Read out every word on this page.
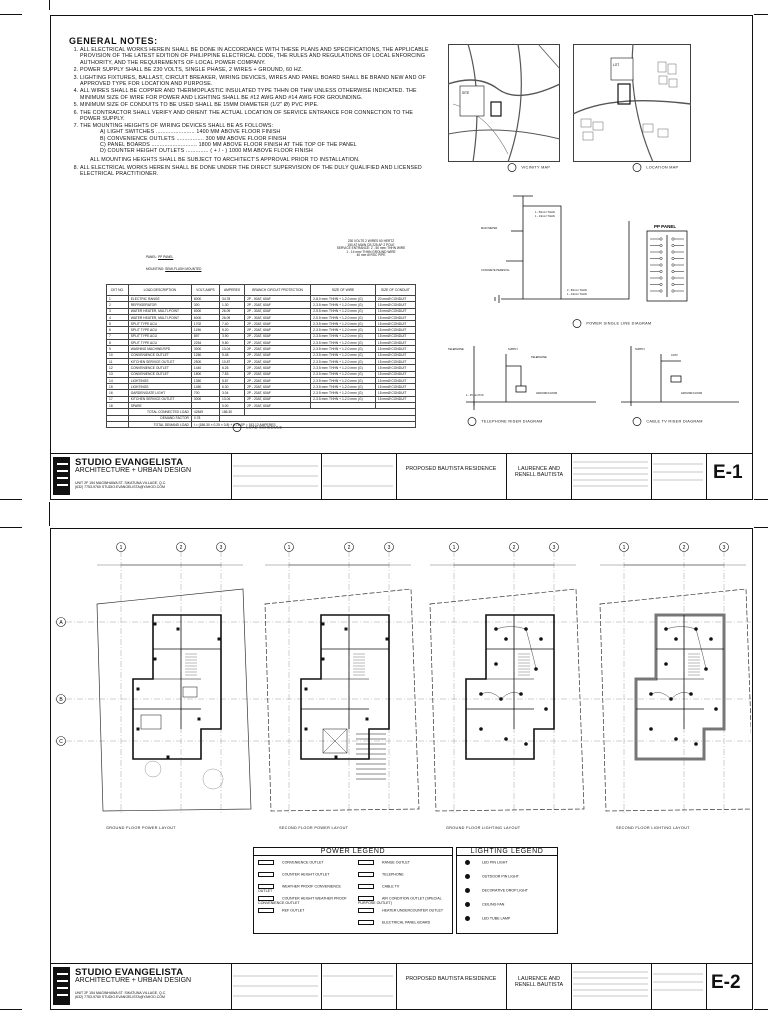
GENERAL NOTES:
1. ALL ELECTRICAL WORKS HEREIN SHALL BE DONE IN ACCORDANCE WITH THESE PLANS AND SPECIFICATIONS, THE APPLICABLE PROVISION OF THE LATEST EDITION OF PHILIPPINE ELECTRICAL CODE, THE RULES AND REGULATIONS OF LOCAL ENFORCING AUTHORITY, AND THE REQUIREMENTS OF LOCAL POWER COMPANY.
2. POWER SUPPLY SHALL BE 230 VOLTS, SINGLE PHASE, 2 WIRES + GROUND, 60 HZ.
3. LIGHTING FIXTURES, BALLAST, CIRCUIT BREAKER, WIRING DEVICES, WIRES AND PANEL BOARD SHALL BE BRAND NEW AND OF APPROVED TYPE FOR LOCATION AND PURPOSE.
4. ALL WIRES SHALL BE COPPER AND THERMOPLASTIC INSULATED TYPE THHN OR THW UNLESS OTHERWISE INDICATED. THE MINIMUM SIZE OF WIRE FOR POWER AND LIGHTING SHALL BE #12 AWG AND #14 AWG FOR GROUNDING.
5. MINIMUM SIZE OF CONDUITS TO BE USED SHALL BE 15MM DIAMETER (1/2" Ø) PVC PIPE.
6. THE CONTRACTOR SHALL VERIFY AND ORIENT THE ACTUAL LOCATION OF SERVICE ENTRANCE FOR CONNECTION TO THE POWER SUPPLY.
7. THE MOUNTING HEIGHTS OF WIRING DEVICES SHALL BE AS FOLLOWS:
A) LIGHT SWITCHES ........................ 1400 MM ABOVE FLOOR FINISH
B) CONVENIENCE OUTLETS ................. 300 MM ABOVE FLOOR FINISH
C) PANEL BOARDS ............................ 1800 MM ABOVE FLOOR FINISH AT THE TOP OF THE PANEL
D) COUNTER HEIGHT OUTLETS .............. ( + / - ) 1000 MM ABOVE FLOOR FINISH
ALL MOUNTING HEIGHTS SHALL BE SUBJECT TO ARCHITECT'S APPROVAL PRIOR TO INSTALLATION.
8. ALL ELECTRICAL WORKS HEREIN SHALL BE DONE UNDER THE DIRECT SUPERVISION OF THE DULY QUALIFIED AND LICENSED ELECTRICAL PRACTITIONER.
PANEL: PP PANEL
MOUNTING: SEMI-FLUSH MOUNTED
230 VOLTS 2 WIRES 60 HERTZ
150 AT MAIN CB 225 AF 2 POLE
SERVICE ENTRANCE: 2 - 50 mm² THHN WIRE
1 - 14 mm² THHN GROUND WIRE
40 mm Ø RSC PIPE
CKT NO.	LOAD DESCRIPTION	VOLT-AMPS	AMPERES	BRANCH CIRCUIT PROTECTION	SIZE OF WIRE	SIZE OF CONDUIT
1	ELECTRIC RANGE	8000	34.78	2P - 50AT, 60AF	2-8.0 mm² THHN + 1-2.0 mm² (G)	20 mmØ CONDUIT
2	REFRIGERATOR	300	1.30	2P - 20AT, 60AF	2-3.5 mm² THHN + 1-2.0 mm² (G)	15 mmØ CONDUIT
3	WATER HEATER, MULTI-POINT	6000	26.09	2P - 30AT, 60AF	2-5.5 mm² THHN + 1-2.0 mm² (G)	15 mmØ CONDUIT
4	WATER HEATER, MULTI-POINT	6000	26.09	2P - 30AT, 60AF	2-5.5 mm² THHN + 1-2.0 mm² (G)	15 mmØ CONDUIT
5	SPLIT TYPE ACU	1702	7.40	2P - 20AT, 60AF	2-3.5 mm² THHN + 1-2.0 mm² (G)	15 mmØ CONDUIT
6	SPLIT TYPE ACU	1196	5.20	2P - 20AT, 60AF	2-3.5 mm² THHN + 1-2.0 mm² (G)	15 mmØ CONDUIT
7	SPLIT TYPE ACU	897	3.90	2P - 20AT, 60AF	2-3.5 mm² THHN + 1-2.0 mm² (G)	15 mmØ CONDUIT
8	SPLIT TYPE ACU	2254	9.80	2P - 20AT, 60AF	2-3.5 mm² THHN + 1-2.0 mm² (G)	15 mmØ CONDUIT
9	WASHING MACHINE/SPD	3000	13.04	2P - 20AT, 60AF	2-3.5 mm² THHN + 1-2.0 mm² (G)	15 mmØ CONDUIT
10	CONVENIENCE OUTLET	1260	5.48	2P - 20AT, 60AF	2-3.5 mm² THHN + 1-2.0 mm² (G)	15 mmØ CONDUIT
11	KITCHEN SERVICE OUTLET	2500	10.87	2P - 20AT, 60AF	2-3.5 mm² THHN + 1-2.0 mm² (G)	15 mmØ CONDUIT
12	CONVENIENCE OUTLET	1440	6.26	2P - 20AT, 60AF	2-3.5 mm² THHN + 1-2.0 mm² (G)	15 mmØ CONDUIT
13	CONVENIENCE OUTLET	1800	7.83	2P - 20AT, 60AF	2-3.5 mm² THHN + 1-2.0 mm² (G)	15 mmØ CONDUIT
14	LIGHTINGS	1350	5.87	2P - 20AT, 60AF	2-3.5 mm² THHN + 1-2.0 mm² (G)	15 mmØ CONDUIT
15	LIGHTINGS	1450	6.30	2P - 20AT, 60AF	2-3.5 mm² THHN + 1-2.0 mm² (G)	15 mmØ CONDUIT
16	GARDEN/GATE LIGHT	700	3.04	2P - 20AT, 60AF	2-3.5 mm² THHN + 1-2.0 mm² (G)	15 mmØ CONDUIT
17	KITCHEN SERVICE OUTLET	3000	13.04	2P - 20AT, 60AF	2-3.5 mm² THHN + 1-2.0 mm² (G)	15 mmØ CONDUIT
18	SPARE		0.00	2P - 20AT, 60AF		
	TOTAL CONNECTED LOAD	42849	186.30			
	DEMAND FACTOR	0.78				
	TOTAL DEMAND LOAD	I = (186.30 × 0.25 × 0.8) + 0.78 SP = 153.12 AMPERES				
LOAD SCHEDULE
SITE
VICINITY MAP
LOT
LOCATION MAP
PP PANEL
1 - 50mm² THHN
1 - 14mm² THHN
2 - 50mm² THHN
1 - 14mm² THHN
CONCRETE PEDESTAL
MAIN METER
POWER SINGLE LINE DIAGRAM
TELEPHONE	SUPPLY
TELEPHONE
1 - 15 mm PVC
GROUND FLOOR
TELEPHONE RISER DIAGRAM
SUPPLY
CATV
GROUND FLOOR
CABLE TV RISER DIAGRAM
STUDIO EVANGELISTA
ARCHITECTURE + URBAN DESIGN
UNIT 2F 154 MAGINHAWA ST. SIKATUNA VILLAGE, Q.C.
(632) 7753-9760 STUDIO.EVANGELISTA@YAHOO.COM
PROPOSED BAUTISTA RESIDENCE	LAURENCE AND RENELL BAUTISTA	E-1
A
B
C
1	2	3	1	2	3	1	2	3	1	2	3
GROUND FLOOR POWER LAYOUT	SECOND FLOOR POWER LAYOUT	GROUND FLOOR LIGHTING LAYOUT	SECOND FLOOR LIGHTING LAYOUT
POWER LEGEND
CONVENIENCE OUTLET
COUNTER HEIGHT OUTLET
WEATHER PROOF CONVENIENCE OUTLET
COUNTER HEIGHT WEATHER PROOF CONVENIENCE OUTLET
REF OUTLET
RANGE OUTLET
TELEPHONE
CABLE TV
AIR CONDITION OUTLET (SPECIAL PURPOSE OUTLET)
HEATER UNDERCOUNTER OUTLET
ELECTRICAL PANEL BOARD
LIGHTING LEGEND
LED PIN LIGHT
OUTDOOR PIN LIGHT
DECORATIVE DROP LIGHT
CEILING FAN
LED TUBE LAMP
STUDIO EVANGELISTA
ARCHITECTURE + URBAN DESIGN
UNIT 2F 154 MAGINHAWA ST. SIKATUNA VILLAGE, Q.C.
(632) 7753-9760 STUDIO.EVANGELISTA@YAHOO.COM
PROPOSED BAUTISTA RESIDENCE	LAURENCE AND RENELL BAUTISTA	E-2
